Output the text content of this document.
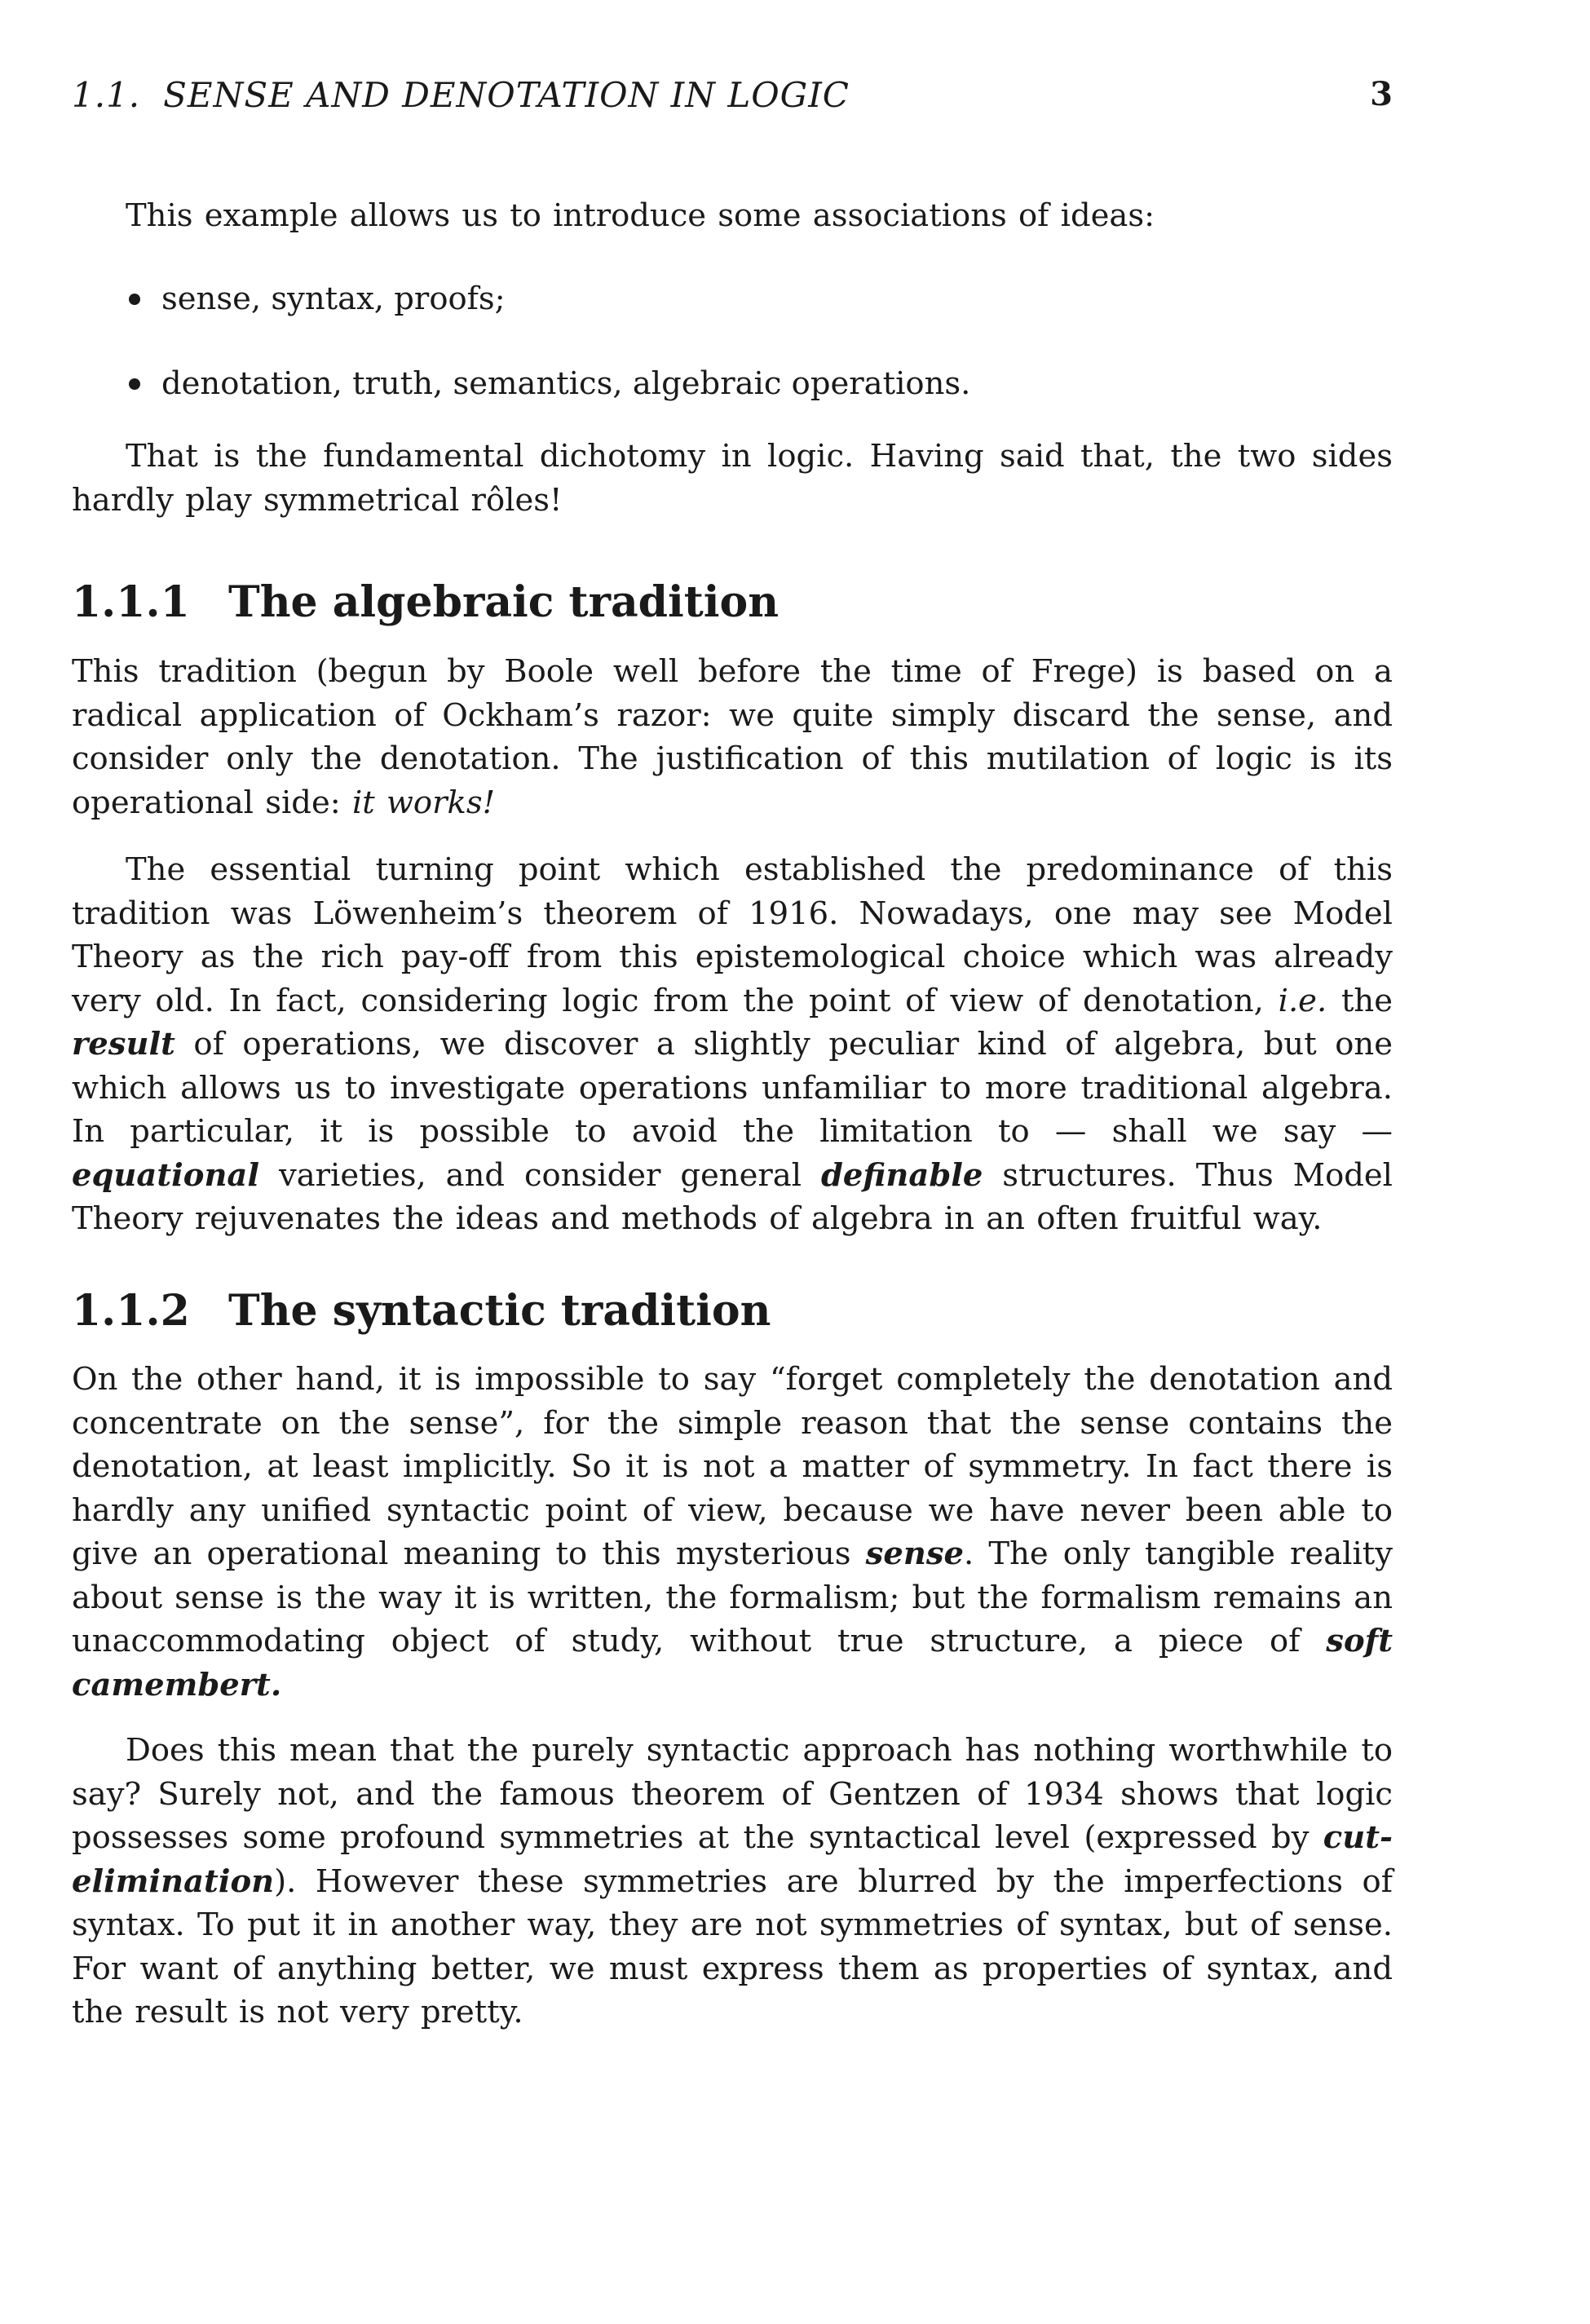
1.1. SENSE AND DENOTATION IN LOGIC	3

This example allows us to introduce some associations of ideas:

sense, syntax, proofs;
denotation, truth, semantics, algebraic operations.

That is the fundamental dichotomy in logic. Having said that, the two sides hardly play symmetrical rôles!

1.1.1 The algebraic tradition

This tradition (begun by Boole well before the time of Frege) is based on a radical application of Ockham’s razor: we quite simply discard the sense, and consider only the denotation. The justification of this mutilation of logic is its operational side: it works!

The essential turning point which established the predominance of this tradition was Löwenheim’s theorem of 1916. Nowadays, one may see Model Theory as the rich pay-off from this epistemological choice which was already very old. In fact, considering logic from the point of view of denotation, i.e. the result of operations, we discover a slightly peculiar kind of algebra, but one which allows us to investigate operations unfamiliar to more traditional algebra. In particular, it is possible to avoid the limitation to — shall we say — equational varieties, and consider general definable structures. Thus Model Theory rejuvenates the ideas and methods of algebra in an often fruitful way.

1.1.2 The syntactic tradition

On the other hand, it is impossible to say “forget completely the denotation and concentrate on the sense”, for the simple reason that the sense contains the denotation, at least implicitly. So it is not a matter of symmetry. In fact there is hardly any unified syntactic point of view, because we have never been able to give an operational meaning to this mysterious sense. The only tangible reality about sense is the way it is written, the formalism; but the formalism remains an unaccommodating object of study, without true structure, a piece of soft camembert.

Does this mean that the purely syntactic approach has nothing worthwhile to say? Surely not, and the famous theorem of Gentzen of 1934 shows that logic possesses some profound symmetries at the syntactical level (expressed by cut-elimination). However these symmetries are blurred by the imperfections of syntax. To put it in another way, they are not symmetries of syntax, but of sense. For want of anything better, we must express them as properties of syntax, and the result is not very pretty.
